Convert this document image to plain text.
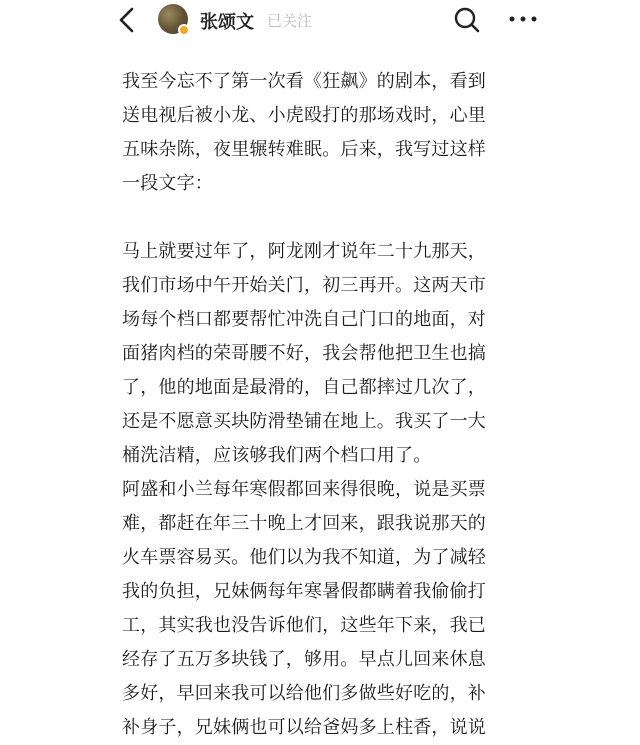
张颂文 已关注

我至今忘不了第一次看《狂飙》的剧本，看到
送电视后被小龙、小虎殴打的那场戏时，心里
五味杂陈，夜里辗转难眠。后来，我写过这样
一段文字：

马上就要过年了，阿龙刚才说年二十九那天，
我们市场中午开始关门，初三再开。这两天市
场每个档口都要帮忙冲洗自己门口的地面，对
面猪肉档的荣哥腰不好，我会帮他把卫生也搞
了，他的地面是最滑的，自己都摔过几次了，
还是不愿意买块防滑垫铺在地上。我买了一大
桶洗洁精，应该够我们两个档口用了。

阿盛和小兰每年寒假都回来得很晚，说是买票
难，都赶在年三十晚上才回来，跟我说那天的
火车票容易买。他们以为我不知道，为了减轻
我的负担，兄妹俩每年寒暑假都瞒着我偷偷打
工，其实我也没告诉他们，这些年下来，我已
经存了五万多块钱了，够用。早点儿回来休息
多好，早回来我可以给他们多做些好吃的，补
补身子，兄妹俩也可以给爸妈多上柱香，说说
